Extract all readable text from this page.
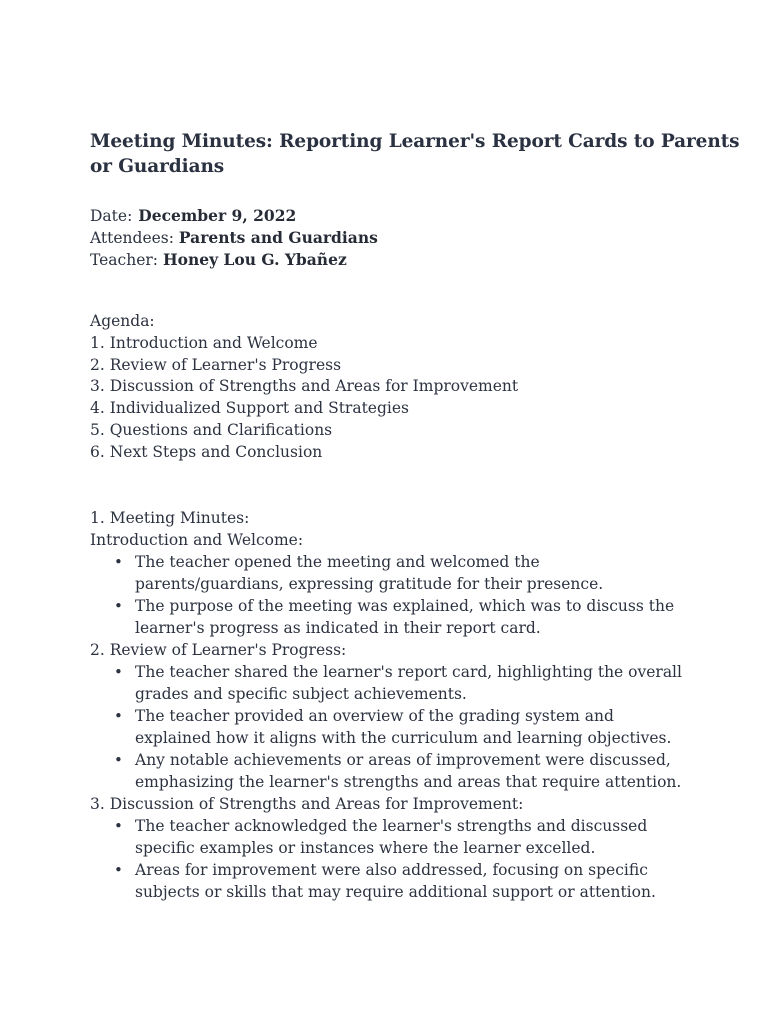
Meeting Minutes: Reporting Learner's Report Cards to Parents
or Guardians
Date: December 9, 2022
Attendees: Parents and Guardians
Teacher: Honey Lou G. Ybañez
Agenda:
1. Introduction and Welcome
2. Review of Learner's Progress
3. Discussion of Strengths and Areas for Improvement
4. Individualized Support and Strategies
5. Questions and Clarifications
6. Next Steps and Conclusion
1. Meeting Minutes:
Introduction and Welcome:
• The teacher opened the meeting and welcomed the
parents/guardians, expressing gratitude for their presence.
• The purpose of the meeting was explained, which was to discuss the
learner's progress as indicated in their report card.
2. Review of Learner's Progress:
• The teacher shared the learner's report card, highlighting the overall
grades and specific subject achievements.
• The teacher provided an overview of the grading system and
explained how it aligns with the curriculum and learning objectives.
• Any notable achievements or areas of improvement were discussed,
emphasizing the learner's strengths and areas that require attention.
3. Discussion of Strengths and Areas for Improvement:
• The teacher acknowledged the learner's strengths and discussed
specific examples or instances where the learner excelled.
• Areas for improvement were also addressed, focusing on specific
subjects or skills that may require additional support or attention.
